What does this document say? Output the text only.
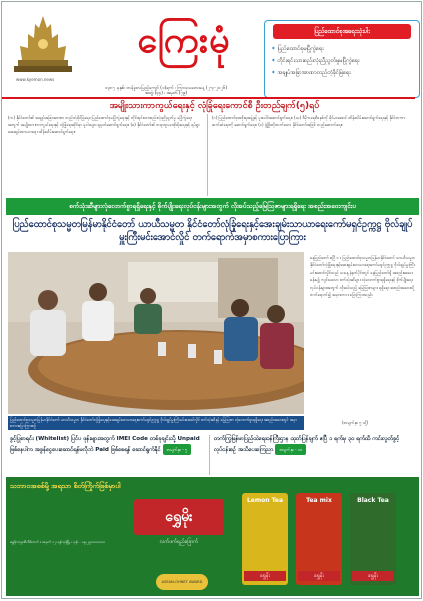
ကြေးမုံ
www.kyemon.news
၁၃၈၇ ခုနှစ်၊ တန်ခူးလပြည့်ကျော် (၁)ရက် ၊ ကြာသပတေးနေ့ (၂-၄-၂၀၂၆)
အတွဲ (၄၄) ၊ အမှတ် (၇၉)
ပြည်ထောင်စုအရေးသုံးပါး
✦ ပြည်ထောင်စုမပြိုကွဲရေး
✦ တိုင်းရင်းသားစည်းလုံးညီညွတ်မှုမပြိုကွဲရေး
✦ အချုပ်အခြာအာဏာတည်တံ့ခိုင်မြဲရေး
အမျိုးသားကာကွယ်ရေးနှင့် လုံခြုံရေးကောင်စီ ဦးတည်ချက်(၅)ရပ်
(က) နိုင်ငံတော်၏ အချုပ်အခြာအာဏာ တည်တံ့ခိုင်မြဲရေး၊ ပြည်ထောင်စုမပြိုကွဲရေးနှင့် တိုင်းရင်းသားစည်းလုံးညီညွတ်မှု မပြိုကွဲရေးအတွက် အမျိုးသားကာကွယ်ရေးနှင့် လုံခြုံရေးဆိုင်ရာ မူဝါဒများ ချမှတ်ဆောင်ရွက်ရေး။ (ခ) နိုင်ငံတော်၏ တရားဥပဒေစိုးမိုးရေးနှင့် ရပ်ရွာအေးချမ်းသာယာရေး ထိန်းသိမ်းဆောင်ရွက်ရေး။
(ဂ) ပြည်ထောင်စုအစိုးရအဖွဲ့နှင့် ပူးပေါင်းဆောင်ရွက်ရေး။ (ဃ) ဒီမိုကရေစီစနစ်ကို ခိုင်မာအောင် ထိန်းသိမ်းဆောင်ရွက်ရေးနှင့် နိုင်ငံတကာ ဆက်ဆံရေးကို ဆောင်ရွက်ရေး။ (င) ဖွံ့ဖြိုးတိုးတက်သော နိုင်ငံတော်အဖြစ် တည်ဆောက်ရေး။
စက်သုံးဆီများလုံလောက်စွာရရှိရေးနှင့် စိုက်ပျိုးရေးလုပ်ငန်းများအတွက် လိုအပ်သည့်မြေဩဇာများရရှိရေး အစည်းအဝေးကျင်းပ
ပြည်ထောင်စုသမ္မတမြန်မာနိုင်ငံတော် ယာယီသမ္မတ နိုင်ငံတော်လုံခြုံရေးနှင့်အေးချမ်းသာယာရေးကော်မရှင်ဥက္ကဋ္ဌ ဗိုလ်ချုပ်မှူးကြီးမင်းအောင်လှိုင် တက်ရောက်အမှာစကားပြောကြား
ပြည်ထောင်စုသမ္မတမြန်မာနိုင်ငံတော် ယာယီသမ္မတ နိုင်ငံတော်လုံခြုံရေးနှင့်အေးချမ်းသာယာရေးကော်မရှင်ဥက္ကဋ္ဌ ဗိုလ်ချုပ်မှူးကြီးမင်းအောင်လှိုင် စက်သုံးဆီနှင့် မြေဩဇာ လုံလောက်စွာရရှိရေး အစည်းအဝေးတွင် အမှာစကားပြောကြားစဉ်
နေပြည်တော် ဧပြီ ၁ ။ ပြည်ထောင်စုသမ္မတမြန်မာနိုင်ငံတော် ယာယီသမ္မတ နိုင်ငံတော်လုံခြုံရေးနှင့်အေးချမ်းသာယာရေးကော်မရှင်ဥက္ကဋ္ဌ ဗိုလ်ချုပ်မှူးကြီးမင်းအောင်လှိုင်သည် ယနေ့ နံနက်ပိုင်းတွင် နေပြည်တော်ရှိ အစည်းအဝေးခန်းမ၌ ကျင်းပသော စက်သုံးဆီများ လုံလောက်စွာရရှိရေးနှင့် စိုက်ပျိုးရေးလုပ်ငန်းများအတွက် လိုအပ်သည့် မြေဩဇာများ ရရှိရေး အစည်းအဝေးသို့ တက်ရောက်၍ အမှာစကား ပြောကြားသည်။
(စာမျက်နှာ ၅ သို့)
ခွင့်ပြုစာရင်း (Whitelist) ပြင်ပ ဖုန်းများအတွက် IMEI Code တစ်ခုချင်းသို့ Unpaid ဖြစ်နေပါက အခွန်ငွေပေးဆောင်ရန်မလိုဘဲ Paid ဖြစ်စေရန် ဆောင်ရွက်နိုင် စာမျက်နှာ - ၅
တက်ကြွမြန်မာပြည်ထဲရေးဝန်ကြီးဌာန ထုတ်ပြန်ချက် ဧပြီ ၁ ရက်မှ ၃၀ ရက်ထိ ကင်းလွတ်ခွင့် လုပ်ငန်းစဉ် အသိပေးကြေညာ စာမျက်နှာ - ၁၀
သဘာဝအစစ်မို့ အရသာ စိတ်ကြိုက်ဖြစ်မှာပါ
ရွှေမိုးကုမ္ပဏီလီမိတက် ။ အမှတ် ၁၂၊ ရန်ကုန်မြို့ ။ ဖုန်း - ၀၉-၂၅၀၀၀၀၀၀၀
ရွှေမိုး
လက်ဖက်ရည်ခြောက်
ASEAN-OHNET AWARD
Lemon Tea
ရွှေမိုး
Tea mix
ရွှေမိုး
Black Tea
ရွှေမိုး
